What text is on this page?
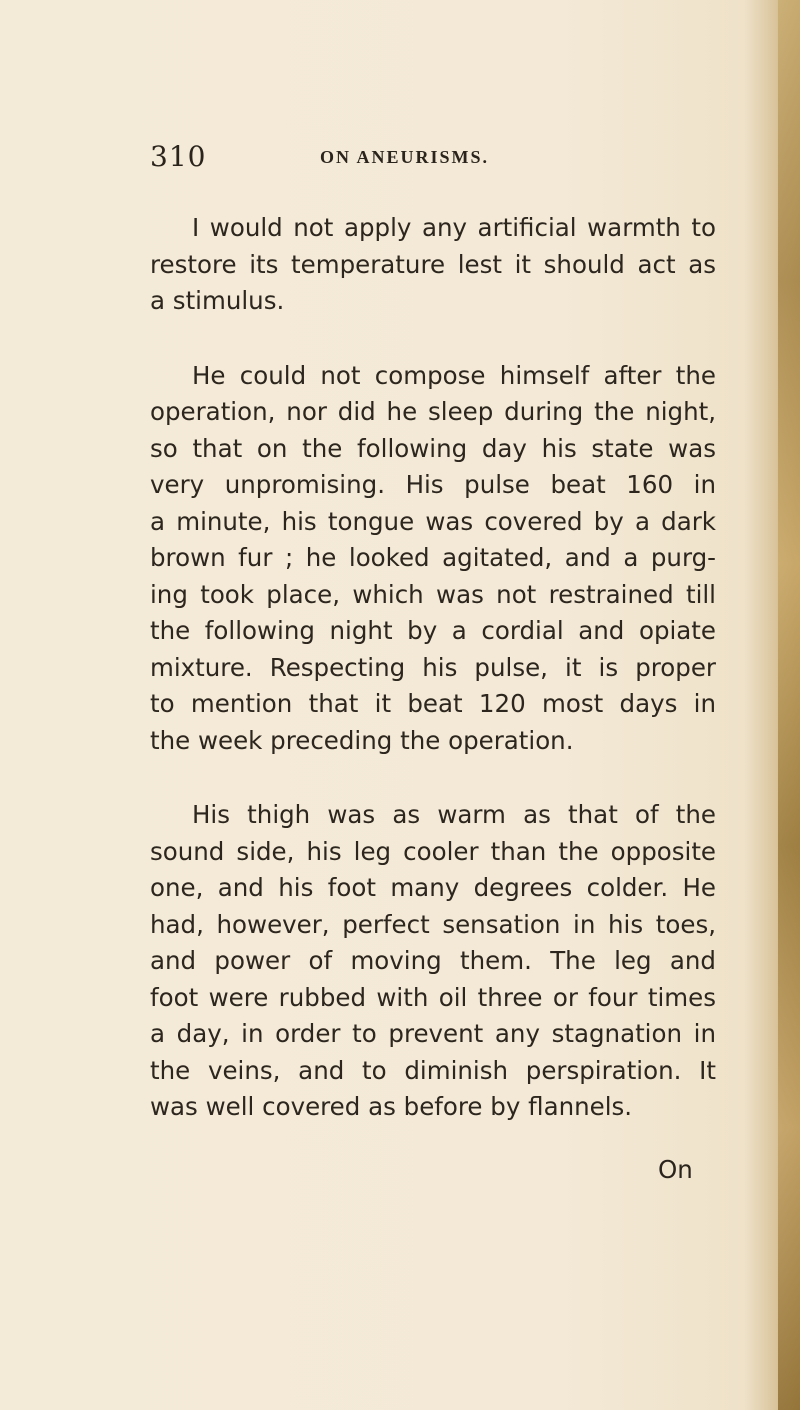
310	ON ANEURISMS.

I would not apply any artificial warmth to
restore its temperature lest it should act as
a stimulus.

He could not compose himself after the
operation, nor did he sleep during the night,
so that on the following day his state was
very unpromising. His pulse beat 160 in
a minute, his tongue was covered by a dark
brown fur ; he looked agitated, and a purg-
ing took place, which was not restrained till
the following night by a cordial and opiate
mixture. Respecting his pulse, it is proper
to mention that it beat 120 most days in
the week preceding the operation.

His thigh was as warm as that of the
sound side, his leg cooler than the opposite
one, and his foot many degrees colder. He
had, however, perfect sensation in his toes,
and power of moving them. The leg and
foot were rubbed with oil three or four times
a day, in order to prevent any stagnation in
the veins, and to diminish perspiration. It
was well covered as before by flannels.

On
